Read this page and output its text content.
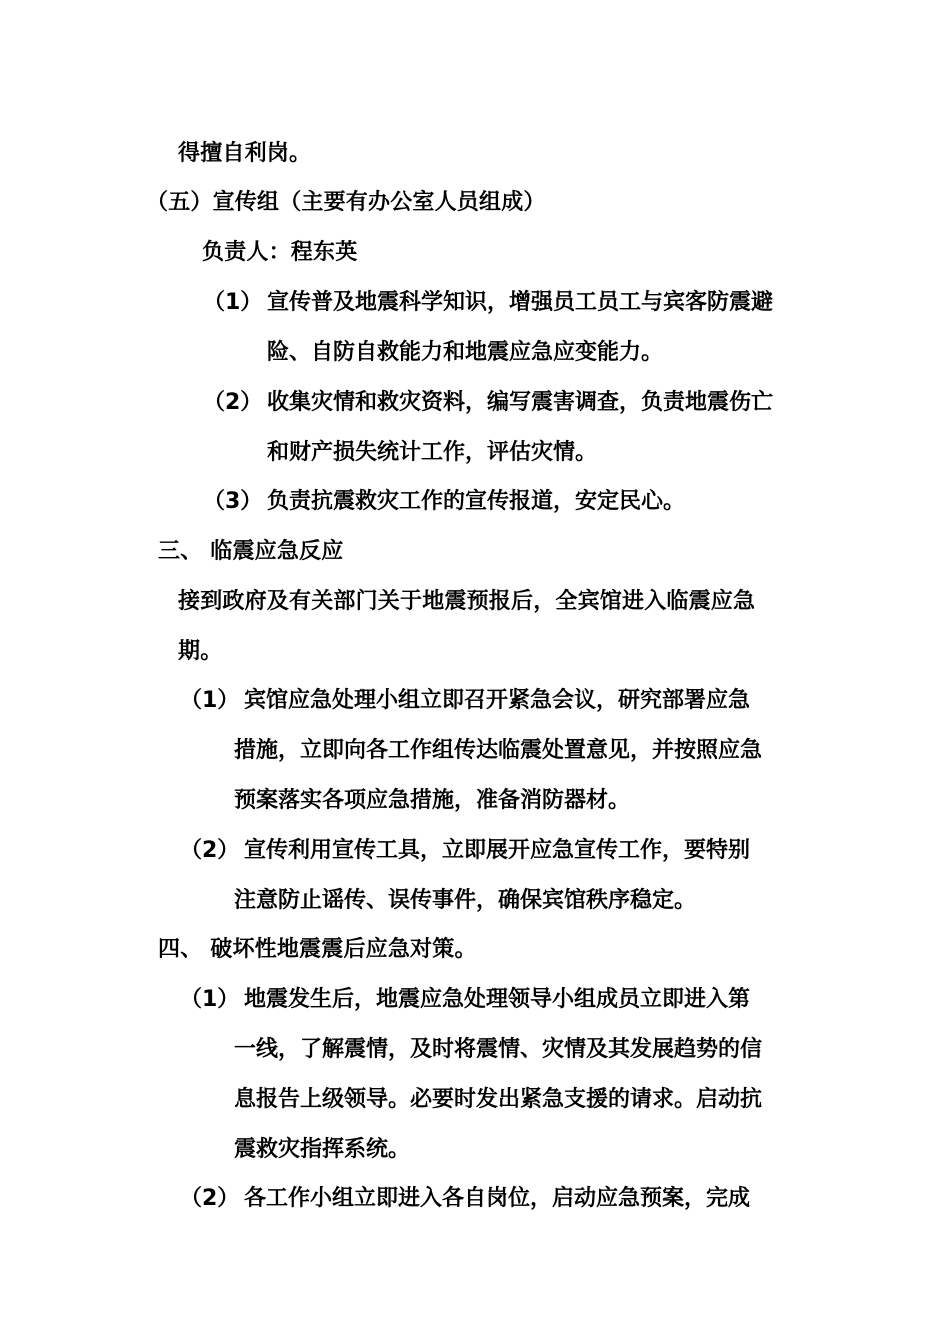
得擅自利岗。
（五）宣传组（主要有办公室人员组成）
负责人：程东英
（1） 宣传普及地震科学知识，增强员工员工与宾客防震避
险、自防自救能力和地震应急应变能力。
（2） 收集灾情和救灾资料，编写震害调查，负责地震伤亡
和财产损失统计工作，评估灾情。
（3） 负责抗震救灾工作的宣传报道，安定民心。
三、 临震应急反应
接到政府及有关部门关于地震预报后，全宾馆进入临震应急
期。
（1） 宾馆应急处理小组立即召开紧急会议，研究部署应急
措施，立即向各工作组传达临震处置意见，并按照应急
预案落实各项应急措施，准备消防器材。
（2） 宣传利用宣传工具，立即展开应急宣传工作，要特别
注意防止谣传、误传事件，确保宾馆秩序稳定。
四、 破坏性地震震后应急对策。
（1） 地震发生后，地震应急处理领导小组成员立即进入第
一线，了解震情，及时将震情、灾情及其发展趋势的信
息报告上级领导。必要时发出紧急支援的请求。启动抗
震救灾指挥系统。
（2） 各工作小组立即进入各自岗位，启动应急预案，完成
